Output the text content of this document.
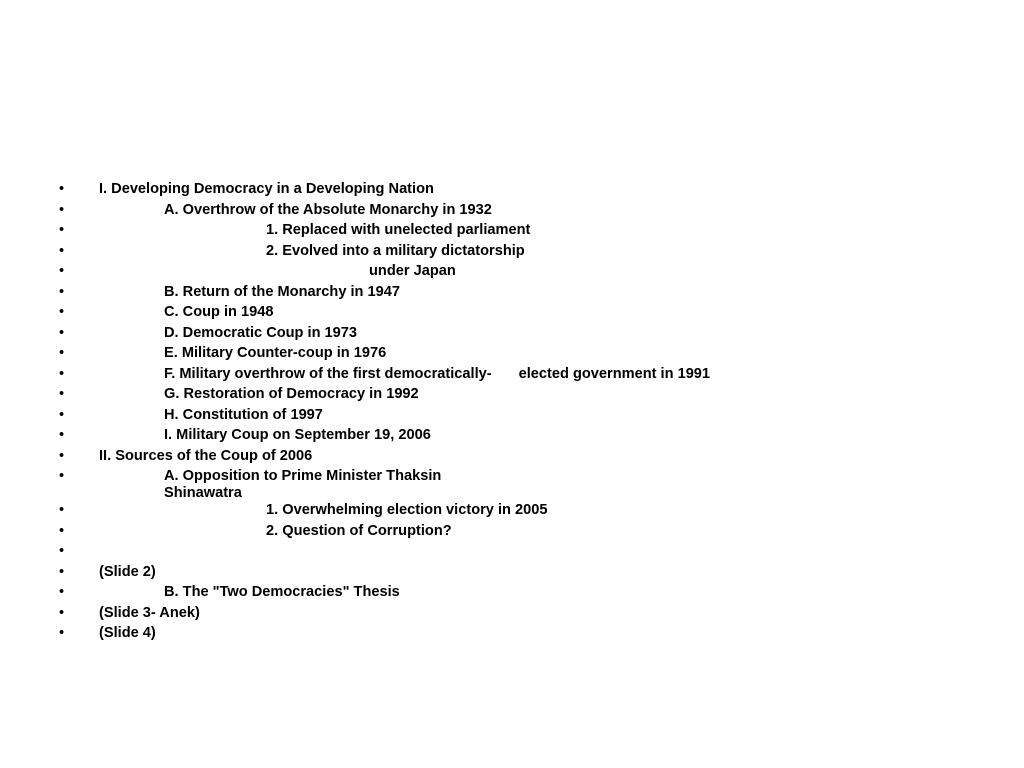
• I. Developing Democracy in a Developing Nation
•	A. Overthrow of the Absolute Monarchy in 1932
•	1. Replaced with unelected parliament
•	2. Evolved into a military dictatorship
•	under Japan
•	B. Return of the Monarchy in 1947
•	C. Coup in 1948
•	D. Democratic Coup in 1973
•	E. Military Counter-coup in 1976
•	F. Military overthrow of the first democratically- elected government in 1991
•	G. Restoration of Democracy in 1992
•	H. Constitution of 1997
•	I. Military Coup on September 19, 2006
• II. Sources of the Coup of 2006
•	A. Opposition to Prime Minister Thaksin Shinawatra
•	1. Overwhelming election victory in 2005
•	2. Question of Corruption?
•
• (Slide 2)
•	B. The "Two Democracies" Thesis
• (Slide 3- Anek)
• (Slide 4)
